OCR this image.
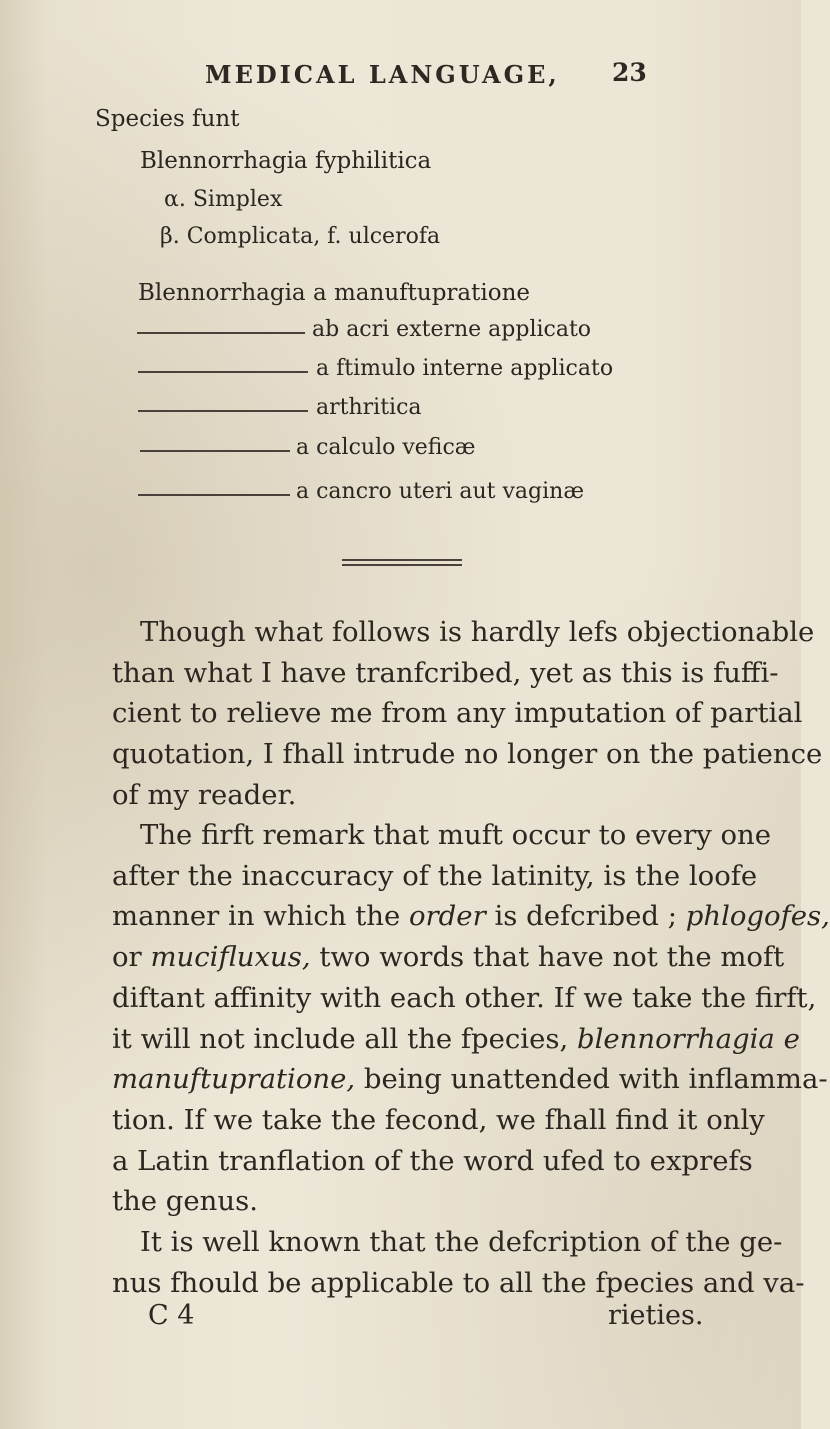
MEDICAL LANGUAGE, 23
Species funt
Blennorrhagia fyphilitica
α. Simplex
β. Complicata, f. ulcerofa
Blennorrhagia a manuftupratione
ab acri externe applicato
a ftimulo interne applicato
arthritica
a calculo veficæ
a cancro uteri aut vaginæ
Though what follows is hardly lefs objectionable
than what I have tranfcribed, yet as this is fuffi-
cient to relieve me from any imputation of partial
quotation, I fhall intrude no longer on the patience
of my reader.
The firft remark that muft occur to every one
after the inaccuracy of the latinity, is the loofe
manner in which the order is defcribed ; phlogofes,
or mucifluxus, two words that have not the moft
diftant affinity with each other. If we take the firft,
it will not include all the fpecies, blennorrhagia e
manuftupratione, being unattended with inflamma-
tion. If we take the fecond, we fhall find it only
a Latin tranflation of the word ufed to exprefs
the genus.
It is well known that the defcription of the ge-
nus fhould be applicable to all the fpecies and va-
C 4	rieties.
